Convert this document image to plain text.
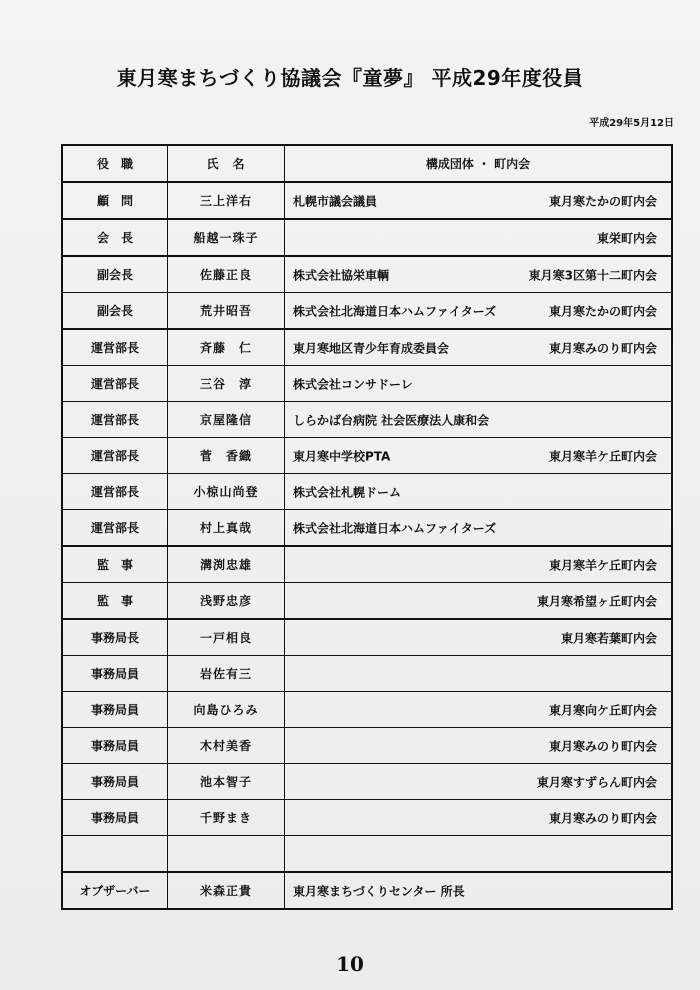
東月寒まちづくり協議会『童夢』 平成29年度役員
平成29年5月12日
役　職	氏　名	構成団体 ・ 町内会
顧　問	三上洋右	札幌市議会議員 東月寒たかの町内会

会　長	船越一珠子	東栄町内会

副会長	佐藤正良	株式会社協栄車輌 東月寒3区第十二町内会

副会長	荒井昭吾	株式会社北海道日本ハムファイターズ 東月寒たかの町内会

運営部長	斉藤　仁	東月寒地区青少年育成委員会 東月寒みのり町内会

運営部長	三谷　淳	株式会社コンサドーレ

運営部長	京屋隆信	しらかば台病院 社会医療法人康和会

運営部長	菅　香織	東月寒中学校PTA 東月寒羊ケ丘町内会

運営部長	小椋山尚登	株式会社札幌ドーム

運営部長	村上真哉	株式会社北海道日本ハムファイターズ

監　事	溝渕忠雄	東月寒羊ケ丘町内会

監　事	浅野忠彦	東月寒希望ヶ丘町内会

事務局長	一戸相良	東月寒若葉町内会

事務局員	岩佐有三	

事務局員	向島ひろみ	東月寒向ケ丘町内会

事務局員	木村美香	東月寒みのり町内会

事務局員	池本智子	東月寒すずらん町内会

事務局員	千野まき	東月寒みのり町内会

オブザーバー	米森正貴	東月寒まちづくりセンター 所長
10
